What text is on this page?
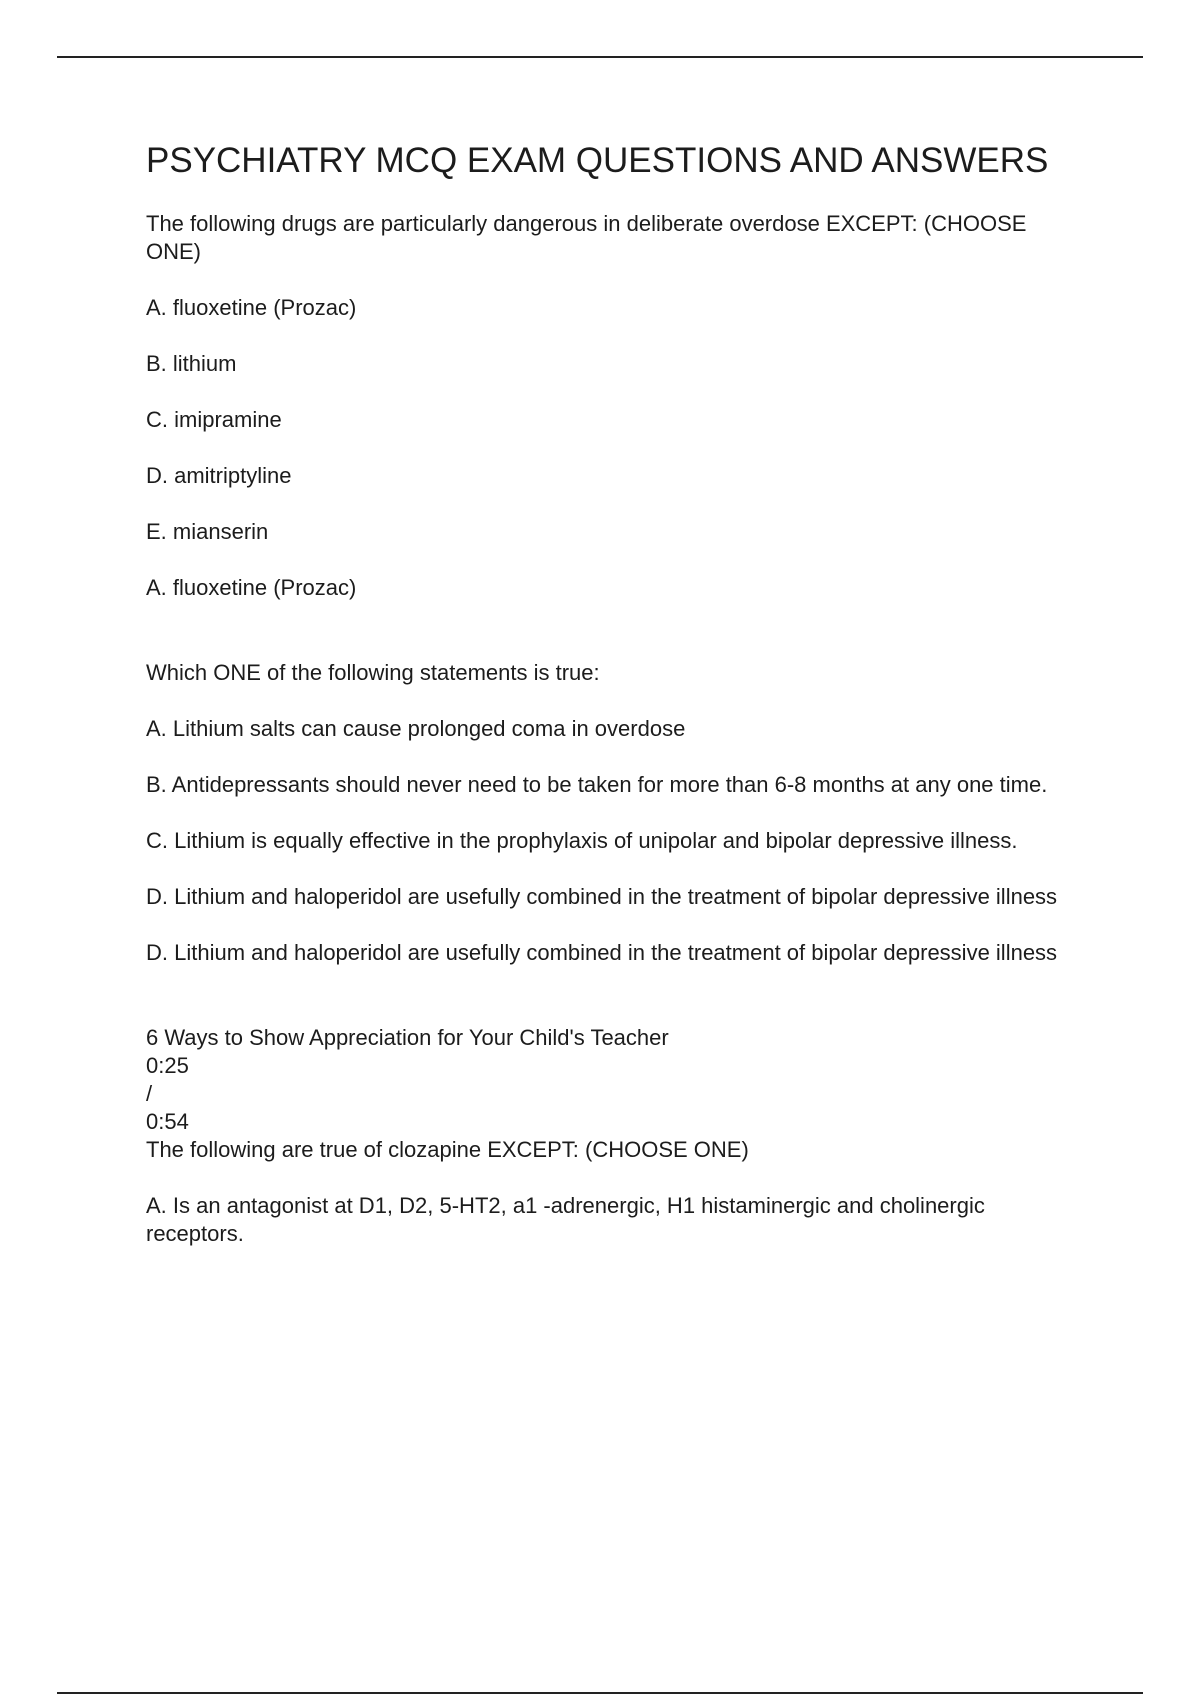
PSYCHIATRY MCQ EXAM QUESTIONS AND ANSWERS

The following drugs are particularly dangerous in deliberate overdose EXCEPT: (CHOOSE ONE)

A. fluoxetine (Prozac)

B. lithium

C. imipramine

D. amitriptyline

E. mianserin

A. fluoxetine (Prozac)

Which ONE of the following statements is true:

A. Lithium salts can cause prolonged coma in overdose

B. Antidepressants should never need to be taken for more than 6-8 months at any one time.

C. Lithium is equally effective in the prophylaxis of unipolar and bipolar depressive illness.

D. Lithium and haloperidol are usefully combined in the treatment of bipolar depressive illness

D. Lithium and haloperidol are usefully combined in the treatment of bipolar depressive illness

6 Ways to Show Appreciation for Your Child's Teacher

0:25

/

0:54

The following are true of clozapine EXCEPT: (CHOOSE ONE)

A. Is an antagonist at D1, D2, 5-HT2, a1 -adrenergic, H1 histaminergic and cholinergic receptors.
